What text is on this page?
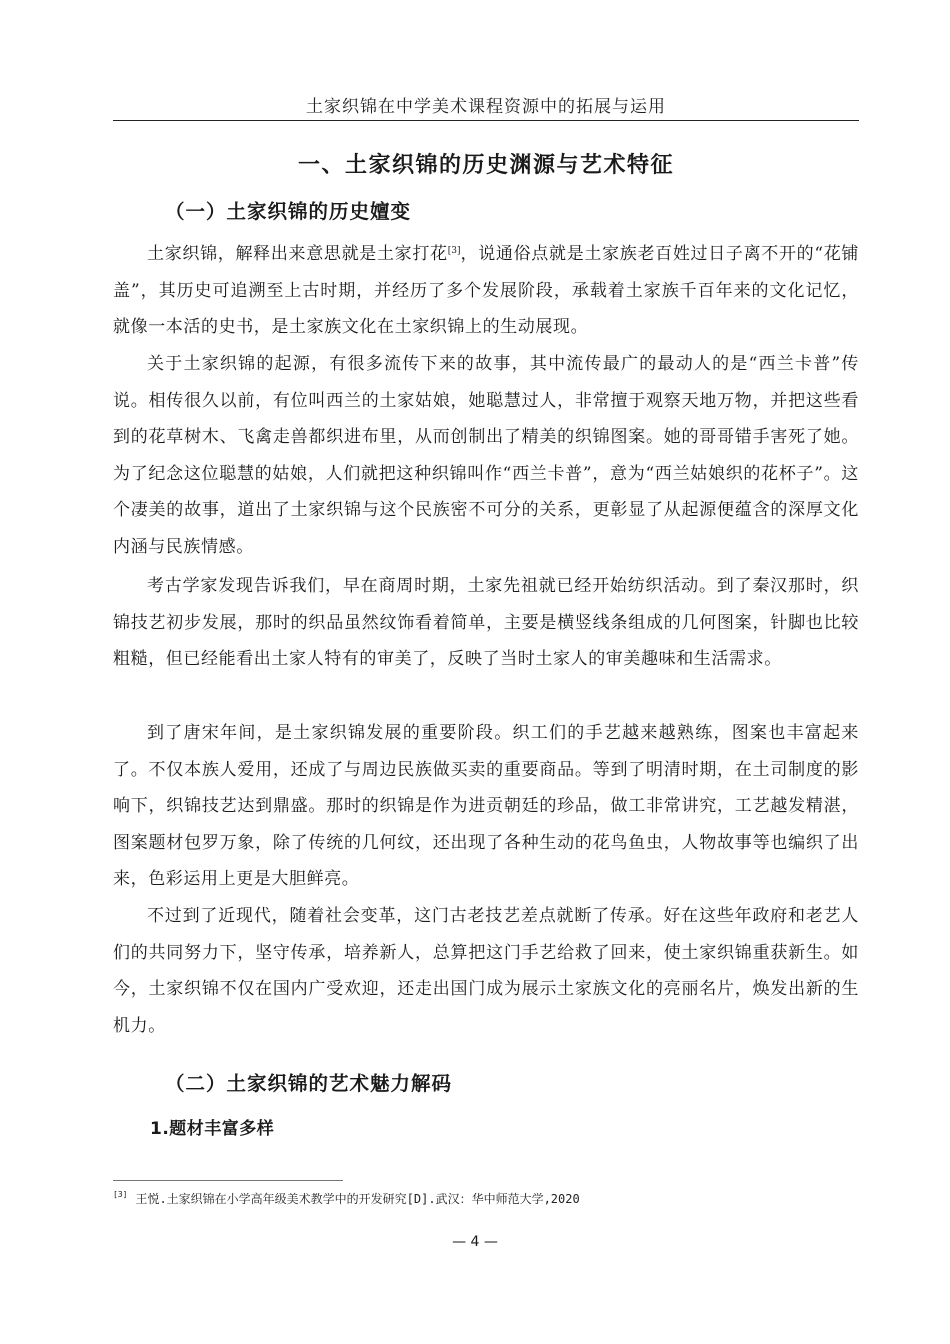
土家织锦在中学美术课程资源中的拓展与运用
一、土家织锦的历史渊源与艺术特征
（一）土家织锦的历史嬗变

土家织锦，解释出来意思就是土家打花[3]，说通俗点就是土家族老百姓过日子离不开的“花铺盖”，其历史可追溯至上古时期，并经历了多个发展阶段，承载着土家族千百年来的文化记忆，就像一本活的史书，是土家族文化在土家织锦上的生动展现。

关于土家织锦的起源，有很多流传下来的故事，其中流传最广的最动人的是“西兰卡普”传说。相传很久以前，有位叫西兰的土家姑娘，她聪慧过人，非常擅于观察天地万物，并把这些看到的花草树木、飞禽走兽都织进布里，从而创制出了精美的织锦图案。她的哥哥错手害死了她。为了纪念这位聪慧的姑娘，人们就把这种织锦叫作“西兰卡普”，意为“西兰姑娘织的花杯子”。这个凄美的故事，道出了土家织锦与这个民族密不可分的关系，更彰显了从起源便蕴含的深厚文化内涵与民族情感。

考古学家发现告诉我们，早在商周时期，土家先祖就已经开始纺织活动。到了秦汉那时，织锦技艺初步发展，那时的织品虽然纹饰看着简单，主要是横竖线条组成的几何图案，针脚也比较粗糙，但已经能看出土家人特有的审美了，反映了当时土家人的审美趣味和生活需求。

到了唐宋年间，是土家织锦发展的重要阶段。织工们的手艺越来越熟练，图案也丰富起来了。不仅本族人爱用，还成了与周边民族做买卖的重要商品。等到了明清时期，在土司制度的影响下，织锦技艺达到鼎盛。那时的织锦是作为进贡朝廷的珍品，做工非常讲究，工艺越发精湛，图案题材包罗万象，除了传统的几何纹，还出现了各种生动的花鸟鱼虫，人物故事等也编织了出来，色彩运用上更是大胆鲜亮。

不过到了近现代，随着社会变革，这门古老技艺差点就断了传承。好在这些年政府和老艺人们的共同努力下，坚守传承，培养新人，总算把这门手艺给救了回来，使土家织锦重获新生。如今，土家织锦不仅在国内广受欢迎，还走出国门成为展示土家族文化的亮丽名片，焕发出新的生机力。

（二）土家织锦的艺术魅力解码
1.题材丰富多样
[3] 王悦.土家织锦在小学高年级美术教学中的开发研究[D].武汉：华中师范大学,2020
— 4 —
